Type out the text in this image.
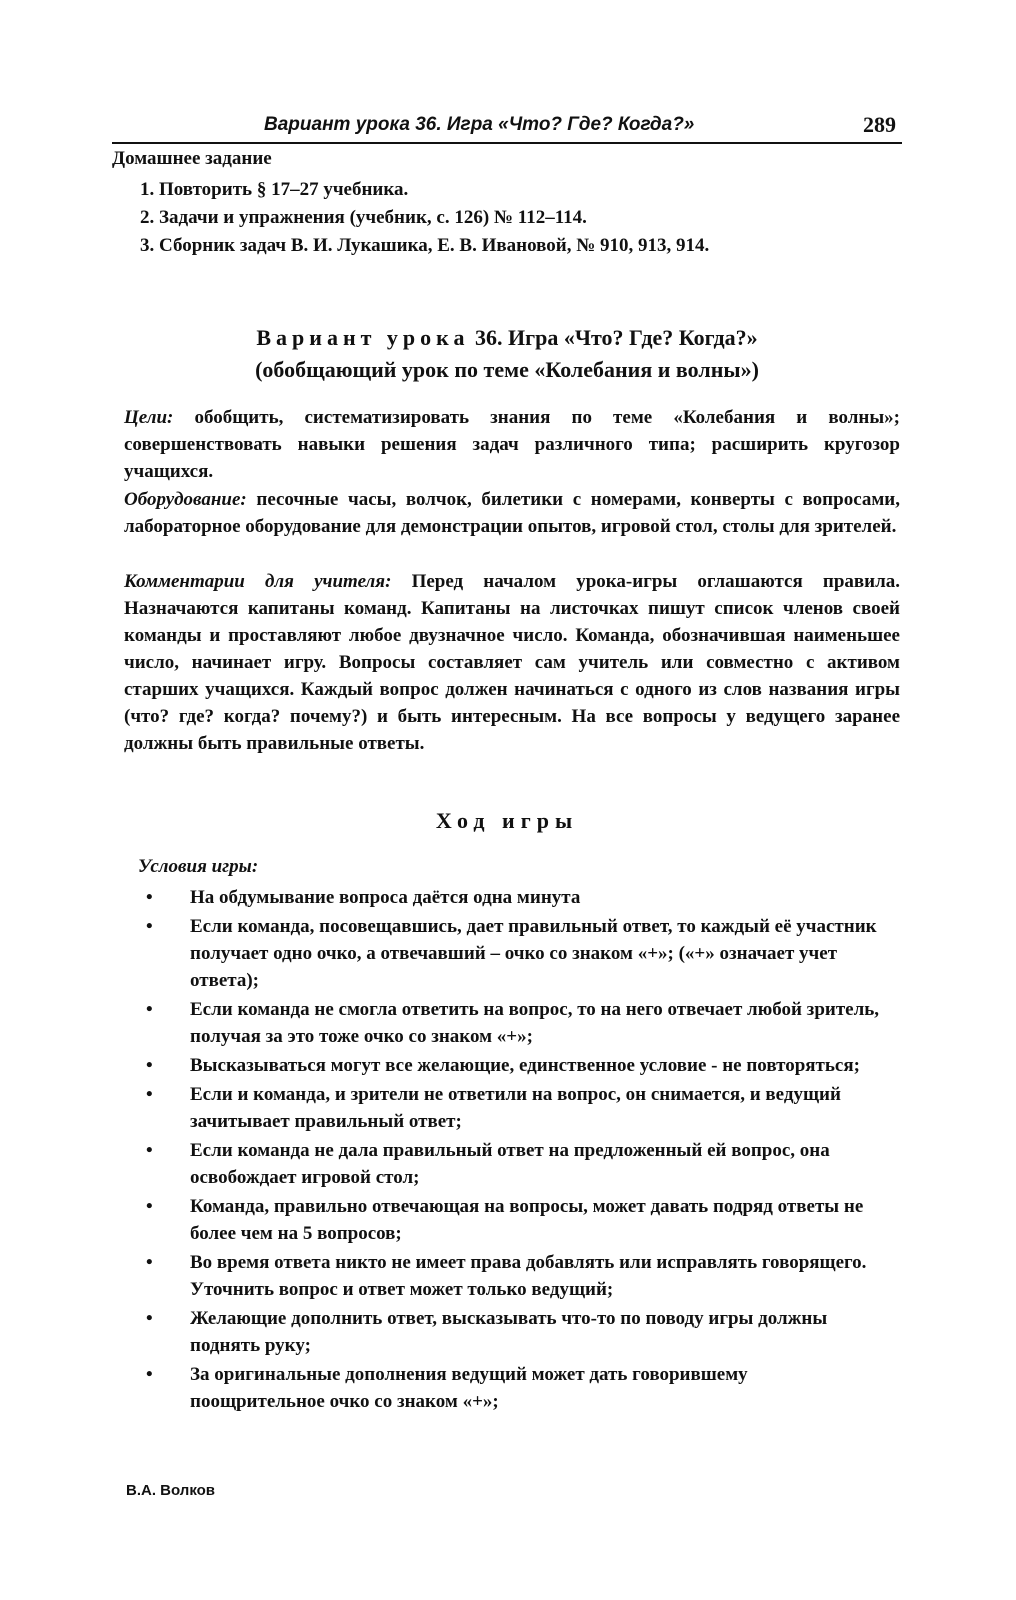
Вариант урока 36. Игра «Что? Где? Когда?»	289
Домашнее задание
1. Повторить § 17–27 учебника.
2. Задачи и упражнения (учебник, с. 126) № 112–114.
3. Сборник задач В. И. Лукашика, Е. В. Ивановой, № 910, 913, 914.
Вариант урока 36. Игра «Что? Где? Когда?»
(обобщающий урок по теме «Колебания и волны»)

Цели: обобщить, систематизировать знания по теме «Колебания и волны»; совершенствовать навыки решения задач различного типа; расширить кругозор учащихся.

Оборудование: песочные часы, волчок, билетики с номерами, конверты с вопросами, лабораторное оборудование для демонстрации опытов, игровой стол, столы для зрителей.

Комментарии для учителя: Перед началом урока-игры оглашаются правила. Назначаются капитаны команд. Капитаны на листочках пишут список членов своей команды и проставляют любое двузначное число. Команда, обозначившая наименьшее число, начинает игру. Вопросы составляет сам учитель или совместно с активом старших учащихся. Каждый вопрос должен начинаться с одного из слов названия игры (что? где? когда? почему?) и быть интересным. На все вопросы у ведущего заранее должны быть правильные ответы.

Ход игры
Условия игры:
•	На обдумывание вопроса даётся одна минута
•	Если команда, посовещавшись, дает правильный ответ, то каждый её участник получает одно очко, а отвечавший – очко со знаком «+»; («+» означает учет ответа);
•	Если команда не смогла ответить на вопрос, то на него отвечает любой зритель, получая за это тоже очко со знаком «+»;
•	Высказываться могут все желающие, единственное условие - не повторяться;
•	Если и команда, и зрители не ответили на вопрос, он снимается, и ведущий зачитывает правильный ответ;
•	Если команда не дала правильный ответ на предложенный ей вопрос, она освобождает игровой стол;
•	Команда, правильно отвечающая на вопросы, может давать подряд ответы не более чем на 5 вопросов;
•	Во время ответа никто не имеет права добавлять или исправлять говорящего. Уточнить вопрос и ответ может только ведущий;
•	Желающие дополнить ответ, высказывать что-то по поводу игры должны поднять руку;
•	За оригинальные дополнения ведущий может дать говорившему поощрительное очко со знаком «+»;
В.А. Волков
